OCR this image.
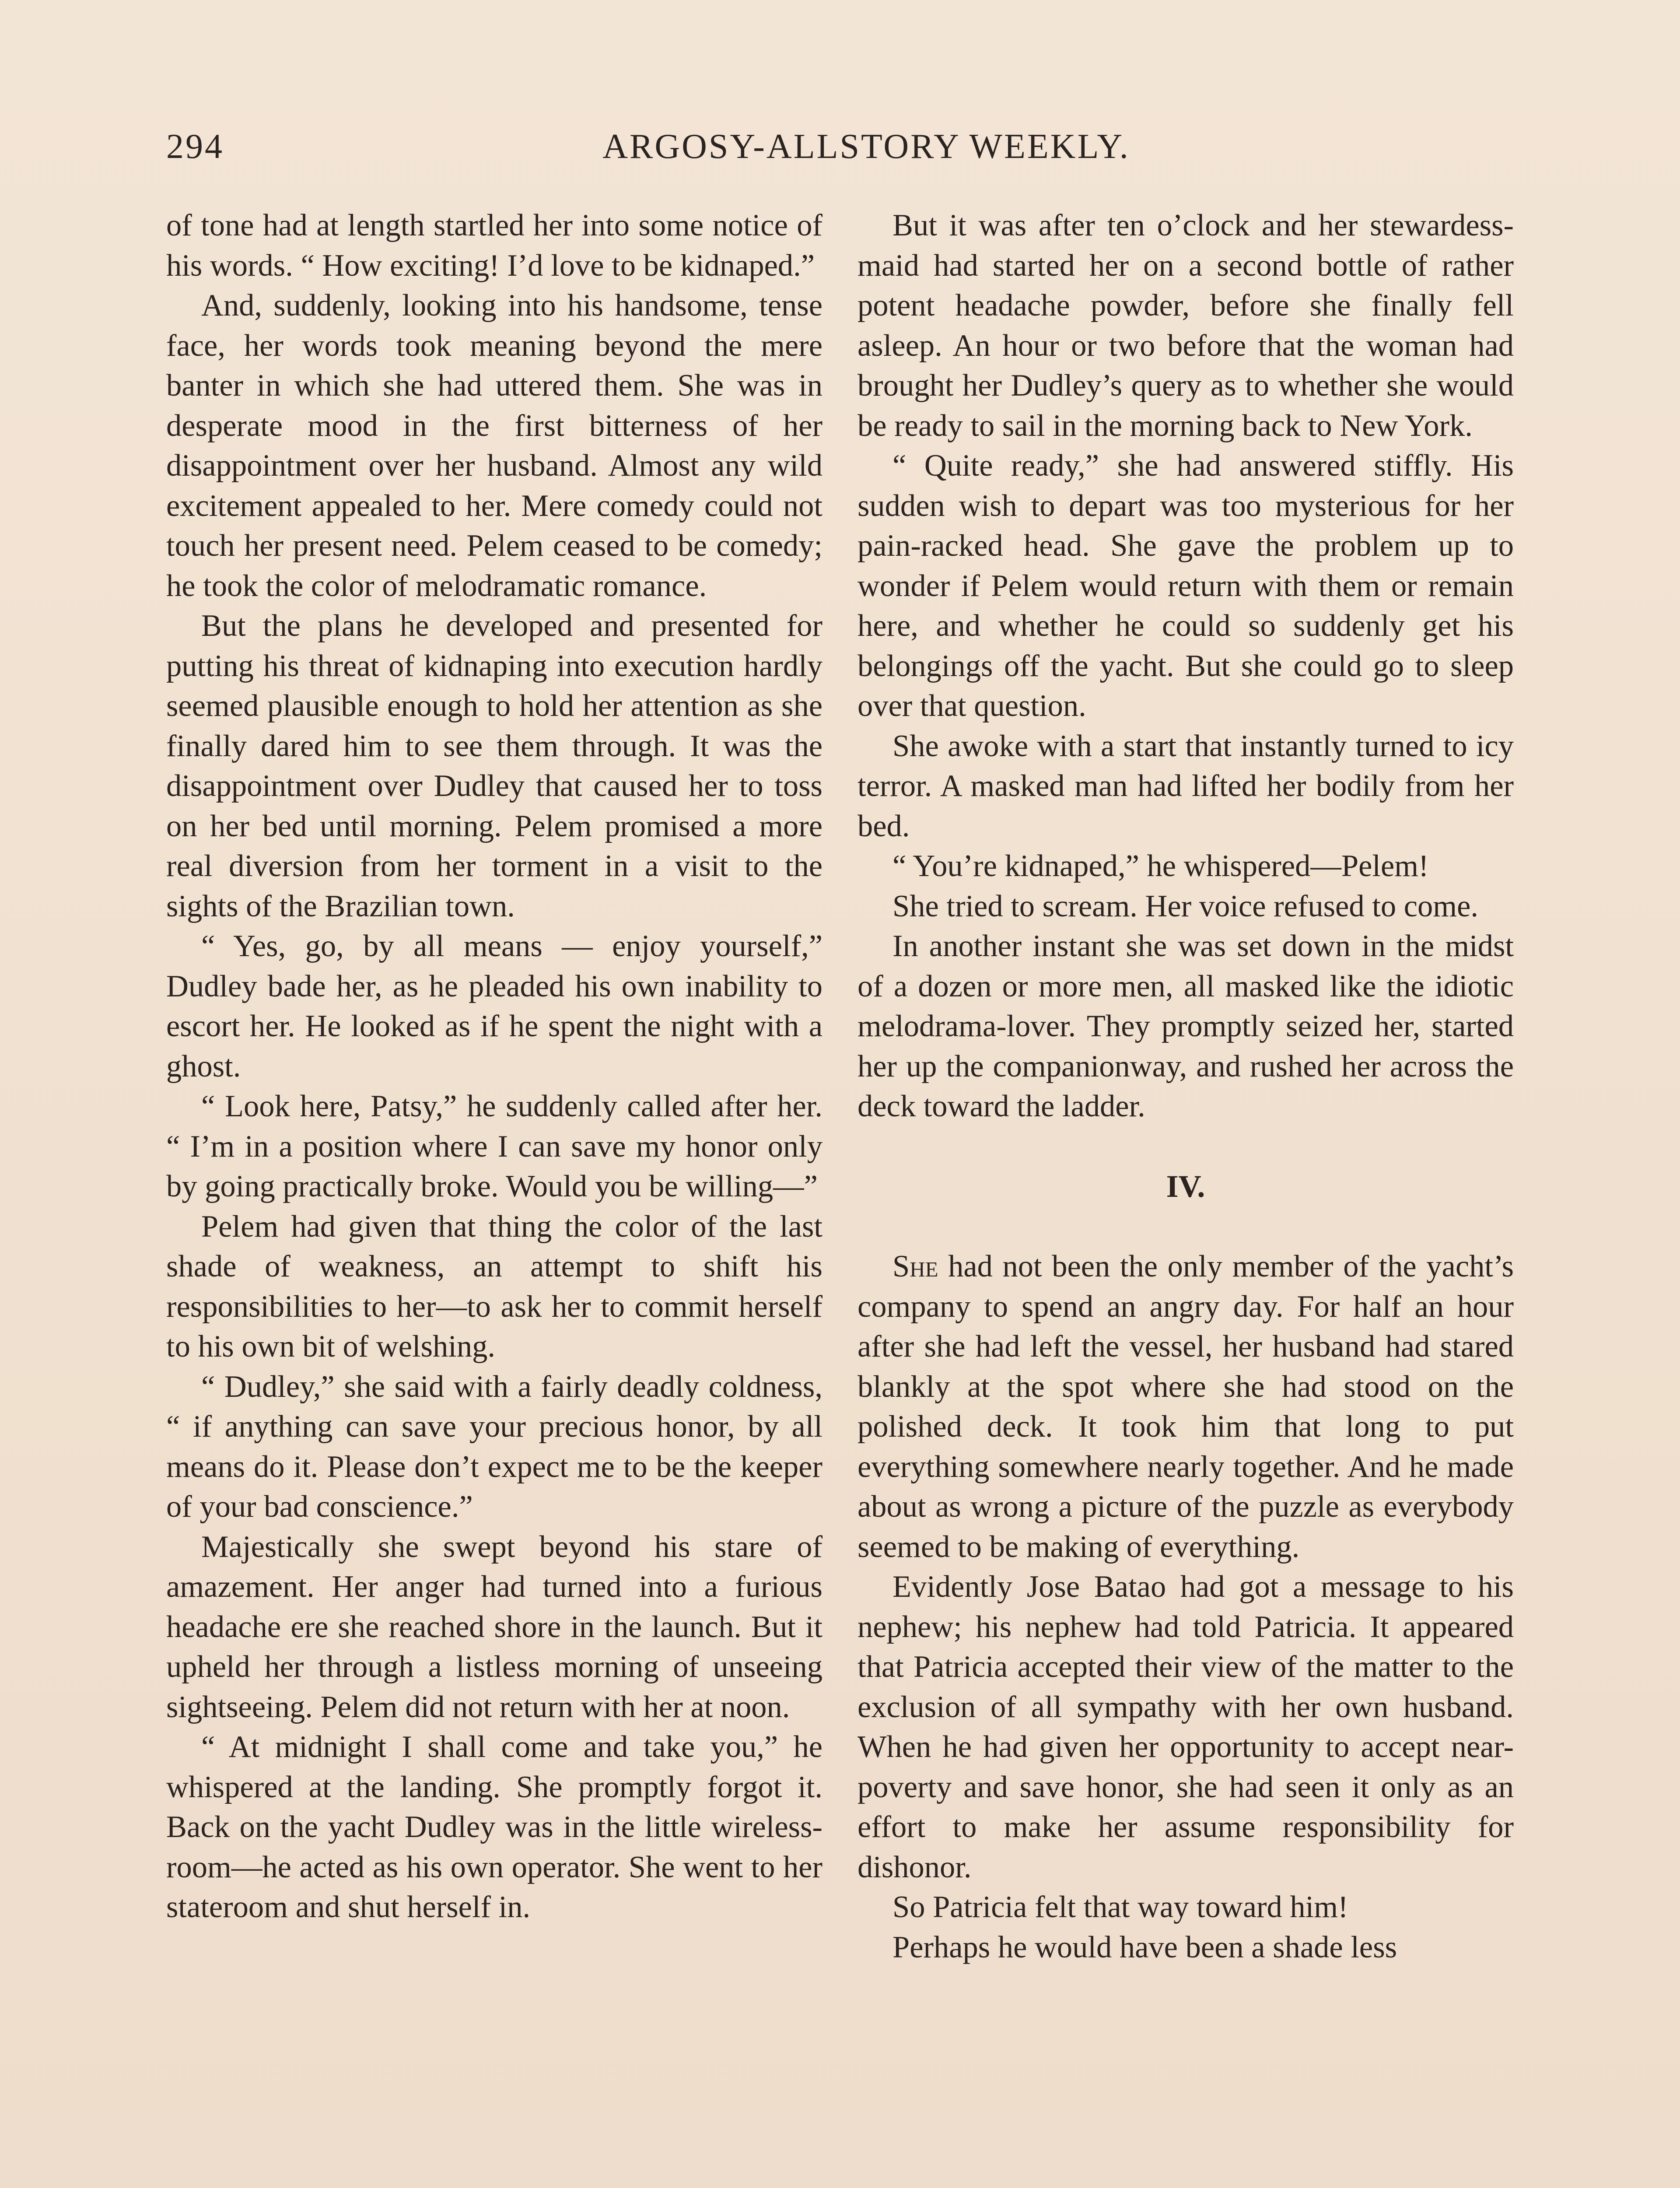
294	ARGOSY-ALLSTORY WEEKLY.

of tone had at length startled her into some notice of his words. “ How exciting! I’d love to be kidnaped.”

And, suddenly, looking into his handsome, tense face, her words took meaning beyond the mere banter in which she had uttered them. She was in desperate mood in the first bitterness of her disappointment over her husband. Almost any wild excitement appealed to her. Mere comedy could not touch her present need. Pelem ceased to be comedy; he took the color of melodramatic romance.

But the plans he developed and presented for putting his threat of kidnaping into execution hardly seemed plausible enough to hold her attention as she finally dared him to see them through. It was the disappointment over Dudley that caused her to toss on her bed until morning. Pelem promised a more real diversion from her torment in a visit to the sights of the Brazilian town.

“ Yes, go, by all means — enjoy yourself,” Dudley bade her, as he pleaded his own inability to escort her. He looked as if he spent the night with a ghost.

“ Look here, Patsy,” he suddenly called after her. “ I’m in a position where I can save my honor only by going practically broke. Would you be willing—”

Pelem had given that thing the color of the last shade of weakness, an attempt to shift his responsibilities to her—to ask her to commit herself to his own bit of welshing.

“ Dudley,” she said with a fairly deadly coldness, “ if anything can save your precious honor, by all means do it. Please don’t expect me to be the keeper of your bad conscience.”

Majestically she swept beyond his stare of amazement. Her anger had turned into a furious headache ere she reached shore in the launch. But it upheld her through a listless morning of unseeing sightseeing. Pelem did not return with her at noon.

“ At midnight I shall come and take you,” he whispered at the landing. She promptly forgot it. Back on the yacht Dudley was in the little wireless-room—he acted as his own operator. She went to her stateroom and shut herself in.

But it was after ten o’clock and her stewardess-maid had started her on a second bottle of rather potent headache powder, before she finally fell asleep. An hour or two before that the woman had brought her Dudley’s query as to whether she would be ready to sail in the morning back to New York.

“ Quite ready,” she had answered stiffly. His sudden wish to depart was too mysterious for her pain-racked head. She gave the problem up to wonder if Pelem would return with them or remain here, and whether he could so suddenly get his belongings off the yacht. But she could go to sleep over that question.

She awoke with a start that instantly turned to icy terror. A masked man had lifted her bodily from her bed.

“ You’re kidnaped,” he whispered—Pelem!

She tried to scream. Her voice refused to come.

In another instant she was set down in the midst of a dozen or more men, all masked like the idiotic melodrama-lover. They promptly seized her, started her up the companionway, and rushed her across the deck toward the ladder.

IV.

She had not been the only member of the yacht’s company to spend an angry day. For half an hour after she had left the vessel, her husband had stared blankly at the spot where she had stood on the polished deck. It took him that long to put everything somewhere nearly together. And he made about as wrong a picture of the puzzle as everybody seemed to be making of everything.

Evidently Jose Batao had got a message to his nephew; his nephew had told Patricia. It appeared that Patricia accepted their view of the matter to the exclusion of all sympathy with her own husband. When he had given her opportunity to accept near-poverty and save honor, she had seen it only as an effort to make her assume responsibility for dishonor.

So Patricia felt that way toward him!

Perhaps he would have been a shade less
